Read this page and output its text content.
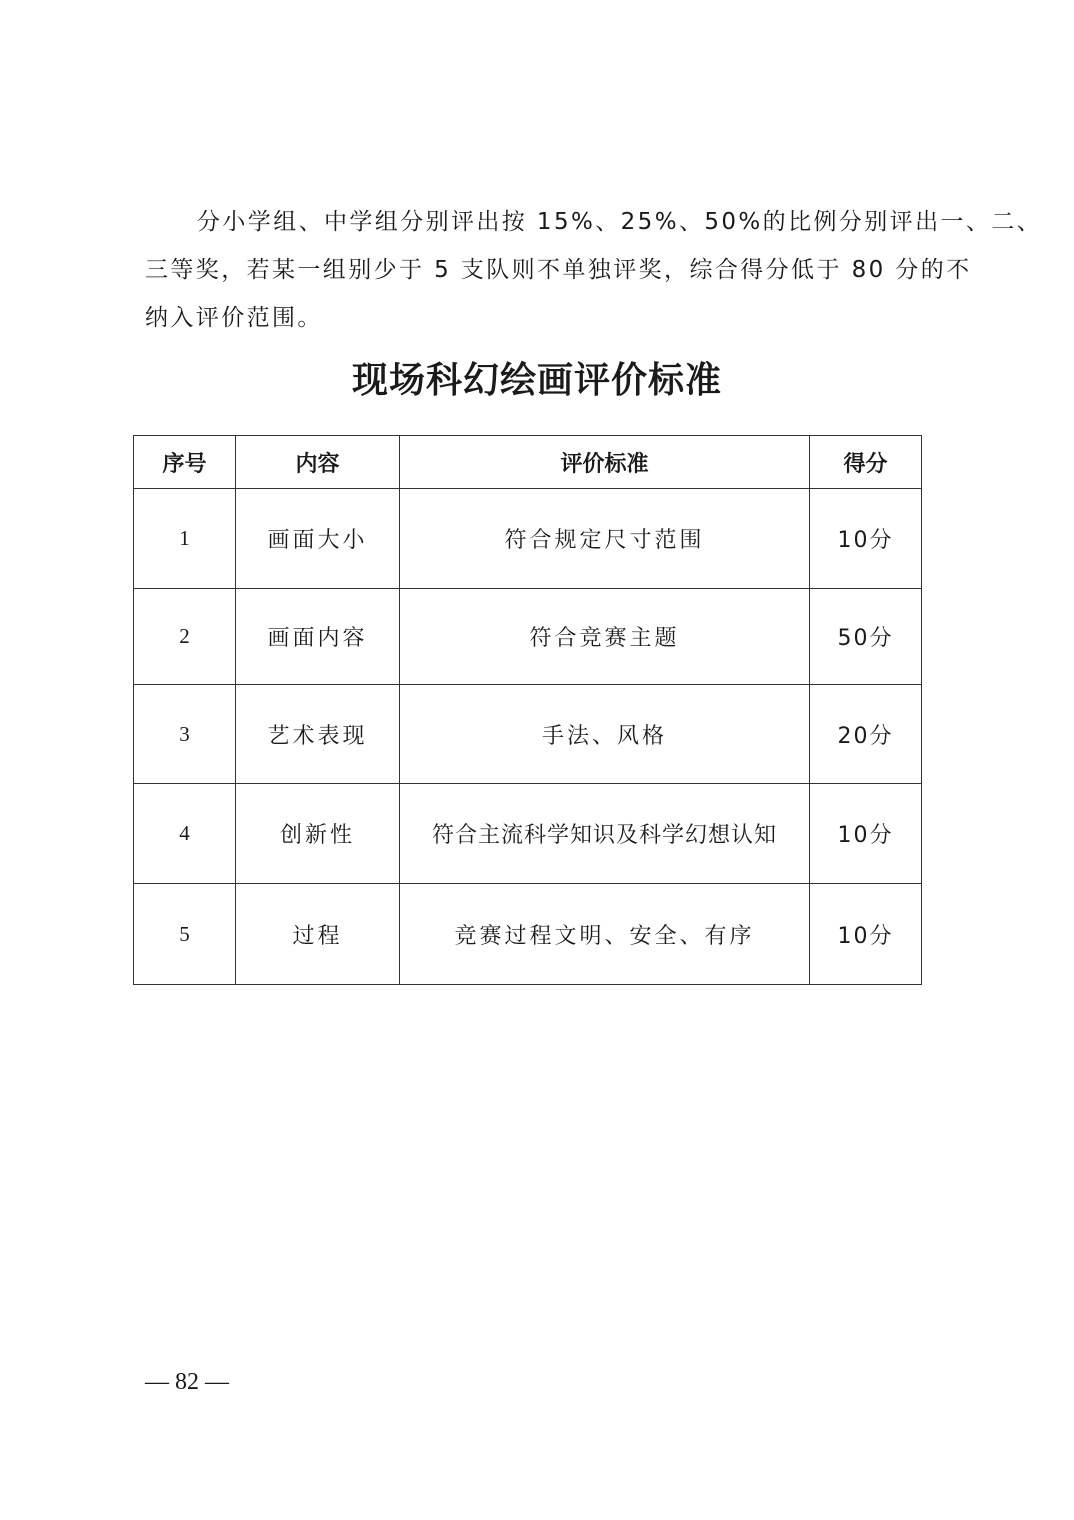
分小学组、中学组分别评出按 15%、25%、50%的比例分别评出一、二、
三等奖，若某一组别少于 5 支队则不单独评奖，综合得分低于 80 分的不
纳入评价范围。

现场科幻绘画评价标准
序号	内容	评价标准	得分
1	画面大小	符合规定尺寸范围	10分
2	画面内容	符合竞赛主题	50分
3	艺术表现	手法、风格	20分
4	创新性	符合主流科学知识及科学幻想认知	10分
5	过程	竞赛过程文明、安全、有序	10分
— 82 —
